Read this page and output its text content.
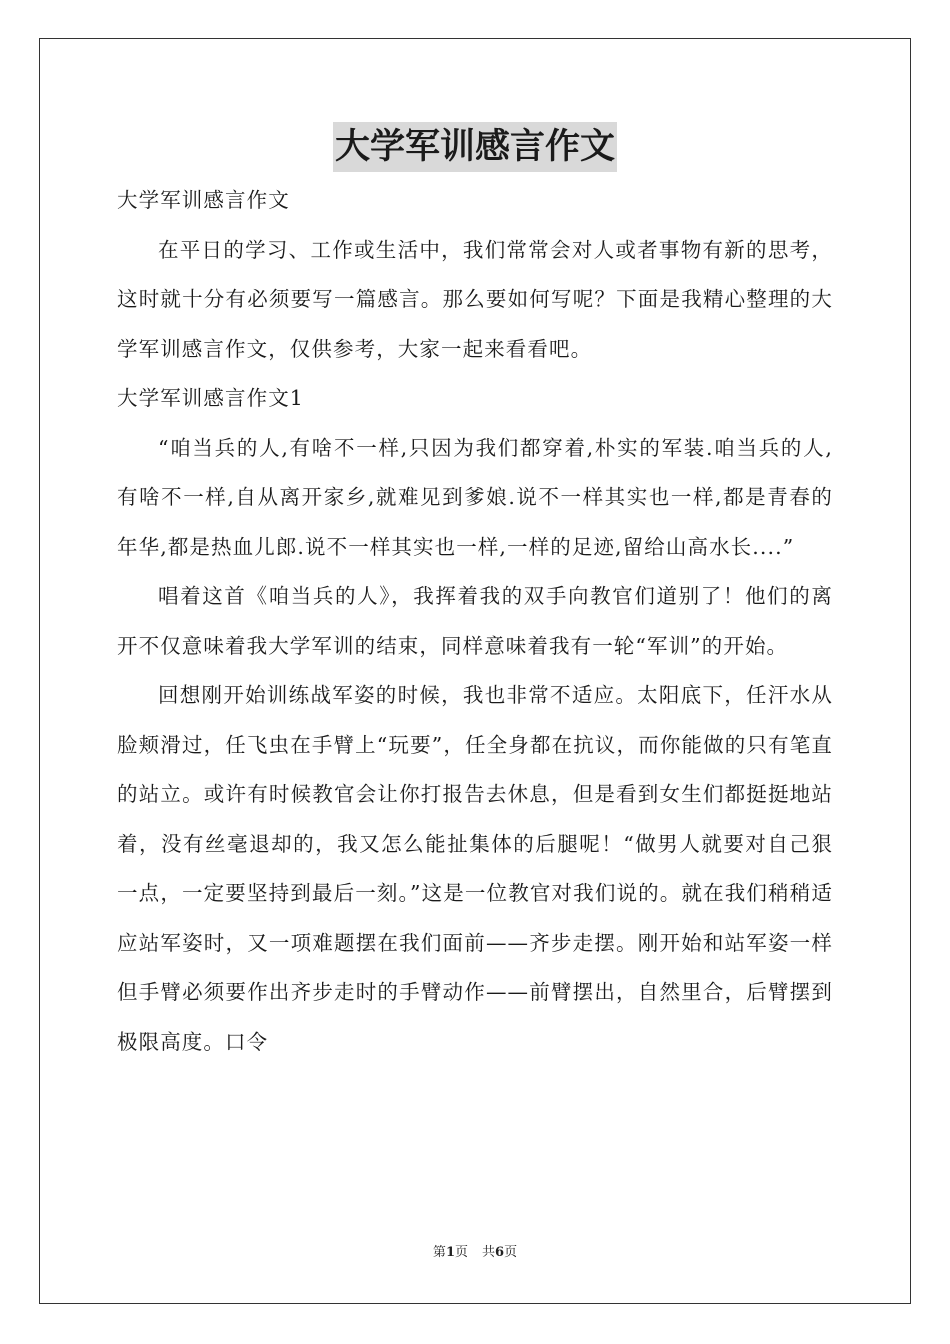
大学军训感言作文

大学军训感言作文

在平日的学习、工作或生活中，我们常常会对人或者事物有新的思考，这时就十分有必须要写一篇感言。那么要如何写呢？下面是我精心整理的大学军训感言作文，仅供参考，大家一起来看看吧。

大学军训感言作文1

“咱当兵的人,有啥不一样,只因为我们都穿着,朴实的军装.咱当兵的人,有啥不一样,自从离开家乡,就难见到爹娘.说不一样其实也一样,都是青春的年华,都是热血儿郎.说不一样其实也一样,一样的足迹,留给山高水长....”

唱着这首《咱当兵的人》，我挥着我的双手向教官们道别了！他们的离开不仅意味着我大学军训的结束，同样意味着我有一轮“军训”的开始。

回想刚开始训练战军姿的时候，我也非常不适应。太阳底下，任汗水从脸颊滑过，任飞虫在手臂上“玩要”，任全身都在抗议，而你能做的只有笔直的站立。或许有时候教官会让你打报告去休息，但是看到女生们都挺挺地站着，没有丝毫退却的，我又怎么能扯集体的后腿呢！“做男人就要对自己狠一点，一定要坚持到最后一刻。”这是一位教官对我们说的。就在我们稍稍适应站军姿时，又一项难题摆在我们面前——齐步走摆。刚开始和站军姿一样但手臂必须要作出齐步走时的手臂动作——前臂摆出，自然里合，后臂摆到极限高度。口令

第1页 共6页
